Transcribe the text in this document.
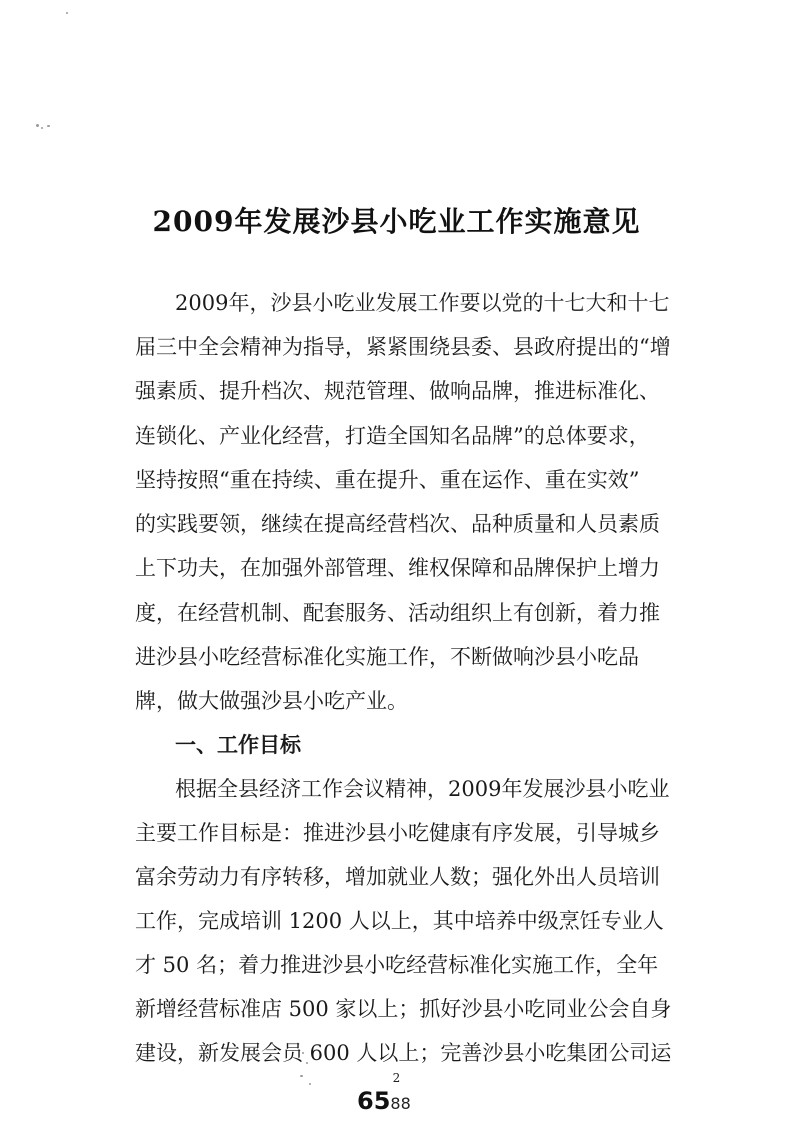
2009年发展沙县小吃业工作实施意见
2009年，沙县小吃业发展工作要以党的十七大和十七
届三中全会精神为指导，紧紧围绕县委、县政府提出的“增
强素质、提升档次、规范管理、做响品牌，推进标准化、
连锁化、产业化经营，打造全国知名品牌”的总体要求，
坚持按照“重在持续、重在提升、重在运作、重在实效”
的实践要领，继续在提高经营档次、品种质量和人员素质
上下功夫，在加强外部管理、维权保障和品牌保护上增力
度，在经营机制、配套服务、活动组织上有创新，着力推
进沙县小吃经营标准化实施工作，不断做响沙县小吃品
牌，做大做强沙县小吃产业。
一、工作目标
根据全县经济工作会议精神，2009年发展沙县小吃业
主要工作目标是：推进沙县小吃健康有序发展，引导城乡
富余劳动力有序转移，增加就业人数；强化外出人员培训
工作，完成培训 1200 人以上，其中培养中级烹饪专业人
才 50 名；着力推进沙县小吃经营标准化实施工作，全年
新增经营标准店 500 家以上；抓好沙县小吃同业公会自身
建设，新发展会员 600 人以上；完善沙县小吃集团公司运
2
6588
